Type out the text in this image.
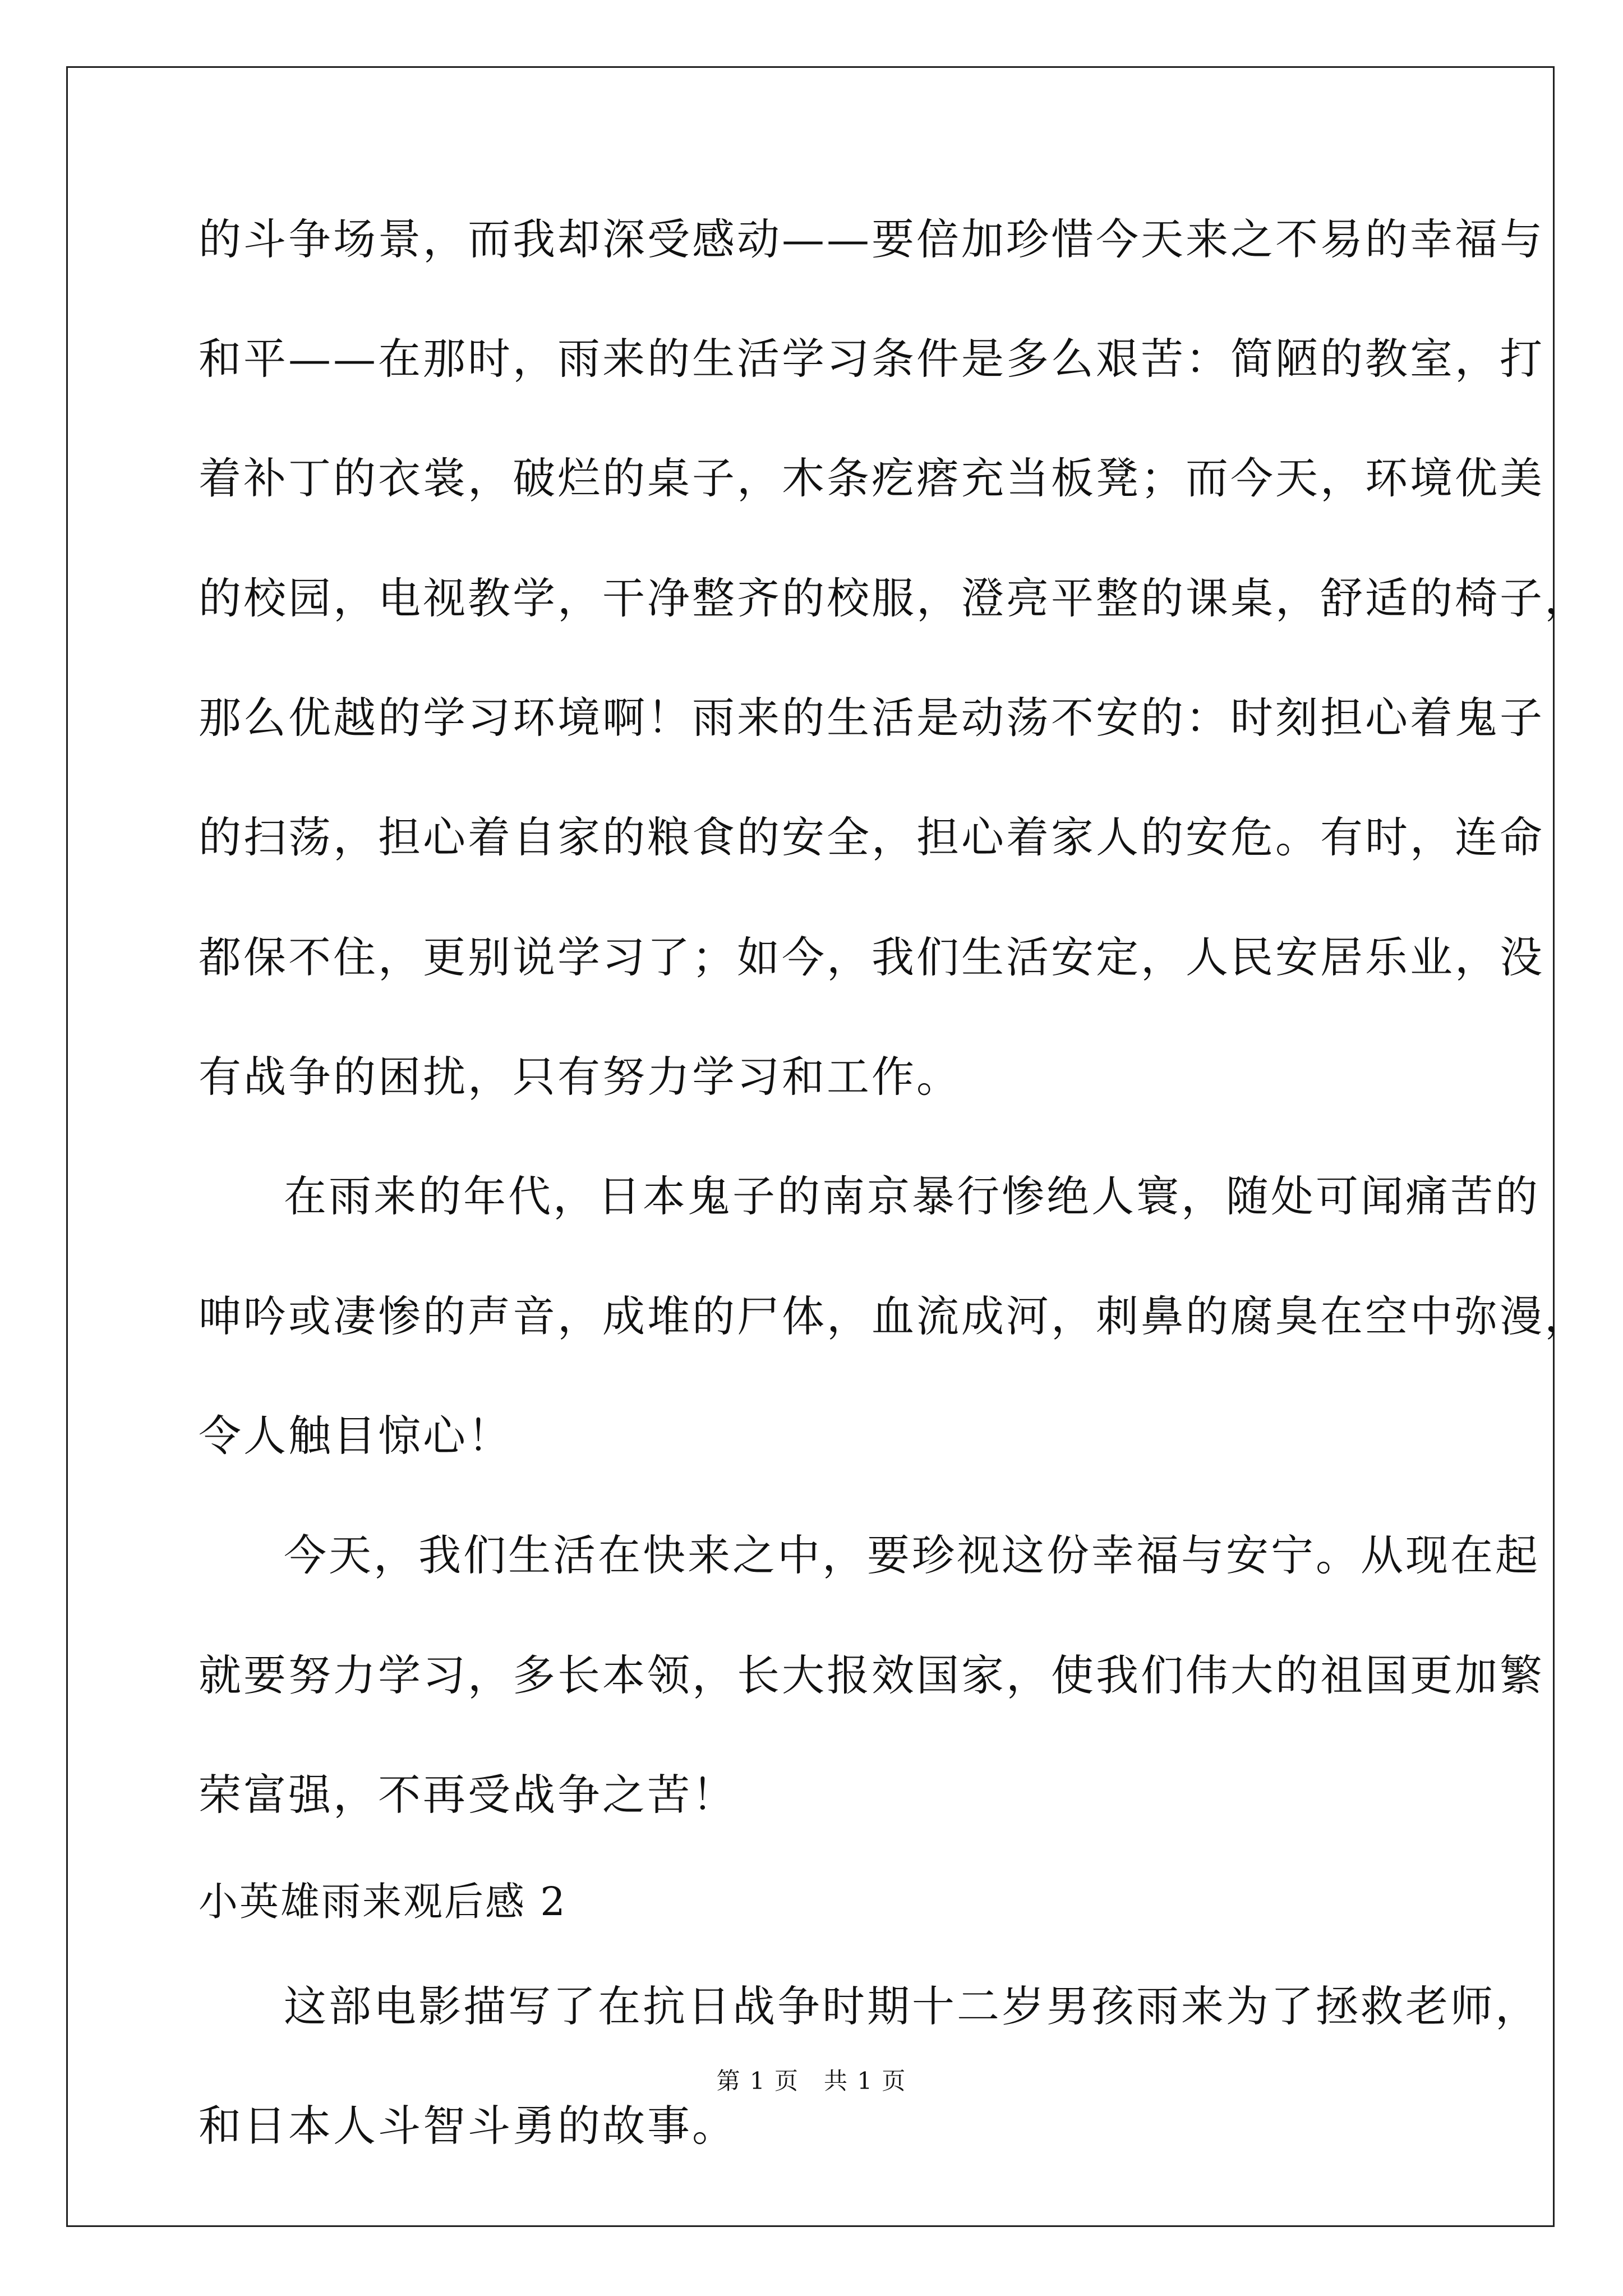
的斗争场景，而我却深受感动——要倍加珍惜今天来之不易的幸福与
和平——在那时，雨来的生活学习条件是多么艰苦：简陋的教室，打
着补丁的衣裳，破烂的桌子，木条疙瘩充当板凳；而今天，环境优美
的校园，电视教学，干净整齐的校服，澄亮平整的课桌，舒适的椅子，
那么优越的学习环境啊！雨来的生活是动荡不安的：时刻担心着鬼子
的扫荡，担心着自家的粮食的安全，担心着家人的安危。有时，连命
都保不住，更别说学习了；如今，我们生活安定，人民安居乐业，没
有战争的困扰，只有努力学习和工作。
在雨来的年代，日本鬼子的南京暴行惨绝人寰，随处可闻痛苦的
呻吟或凄惨的声音，成堆的尸体，血流成河，刺鼻的腐臭在空中弥漫，
令人触目惊心！
今天，我们生活在快来之中，要珍视这份幸福与安宁。从现在起
就要努力学习，多长本领，长大报效国家，使我们伟大的祖国更加繁
荣富强，不再受战争之苦！
小英雄雨来观后感 2
这部电影描写了在抗日战争时期十二岁男孩雨来为了拯救老师，
和日本人斗智斗勇的故事。
第 1 页　共 1 页
